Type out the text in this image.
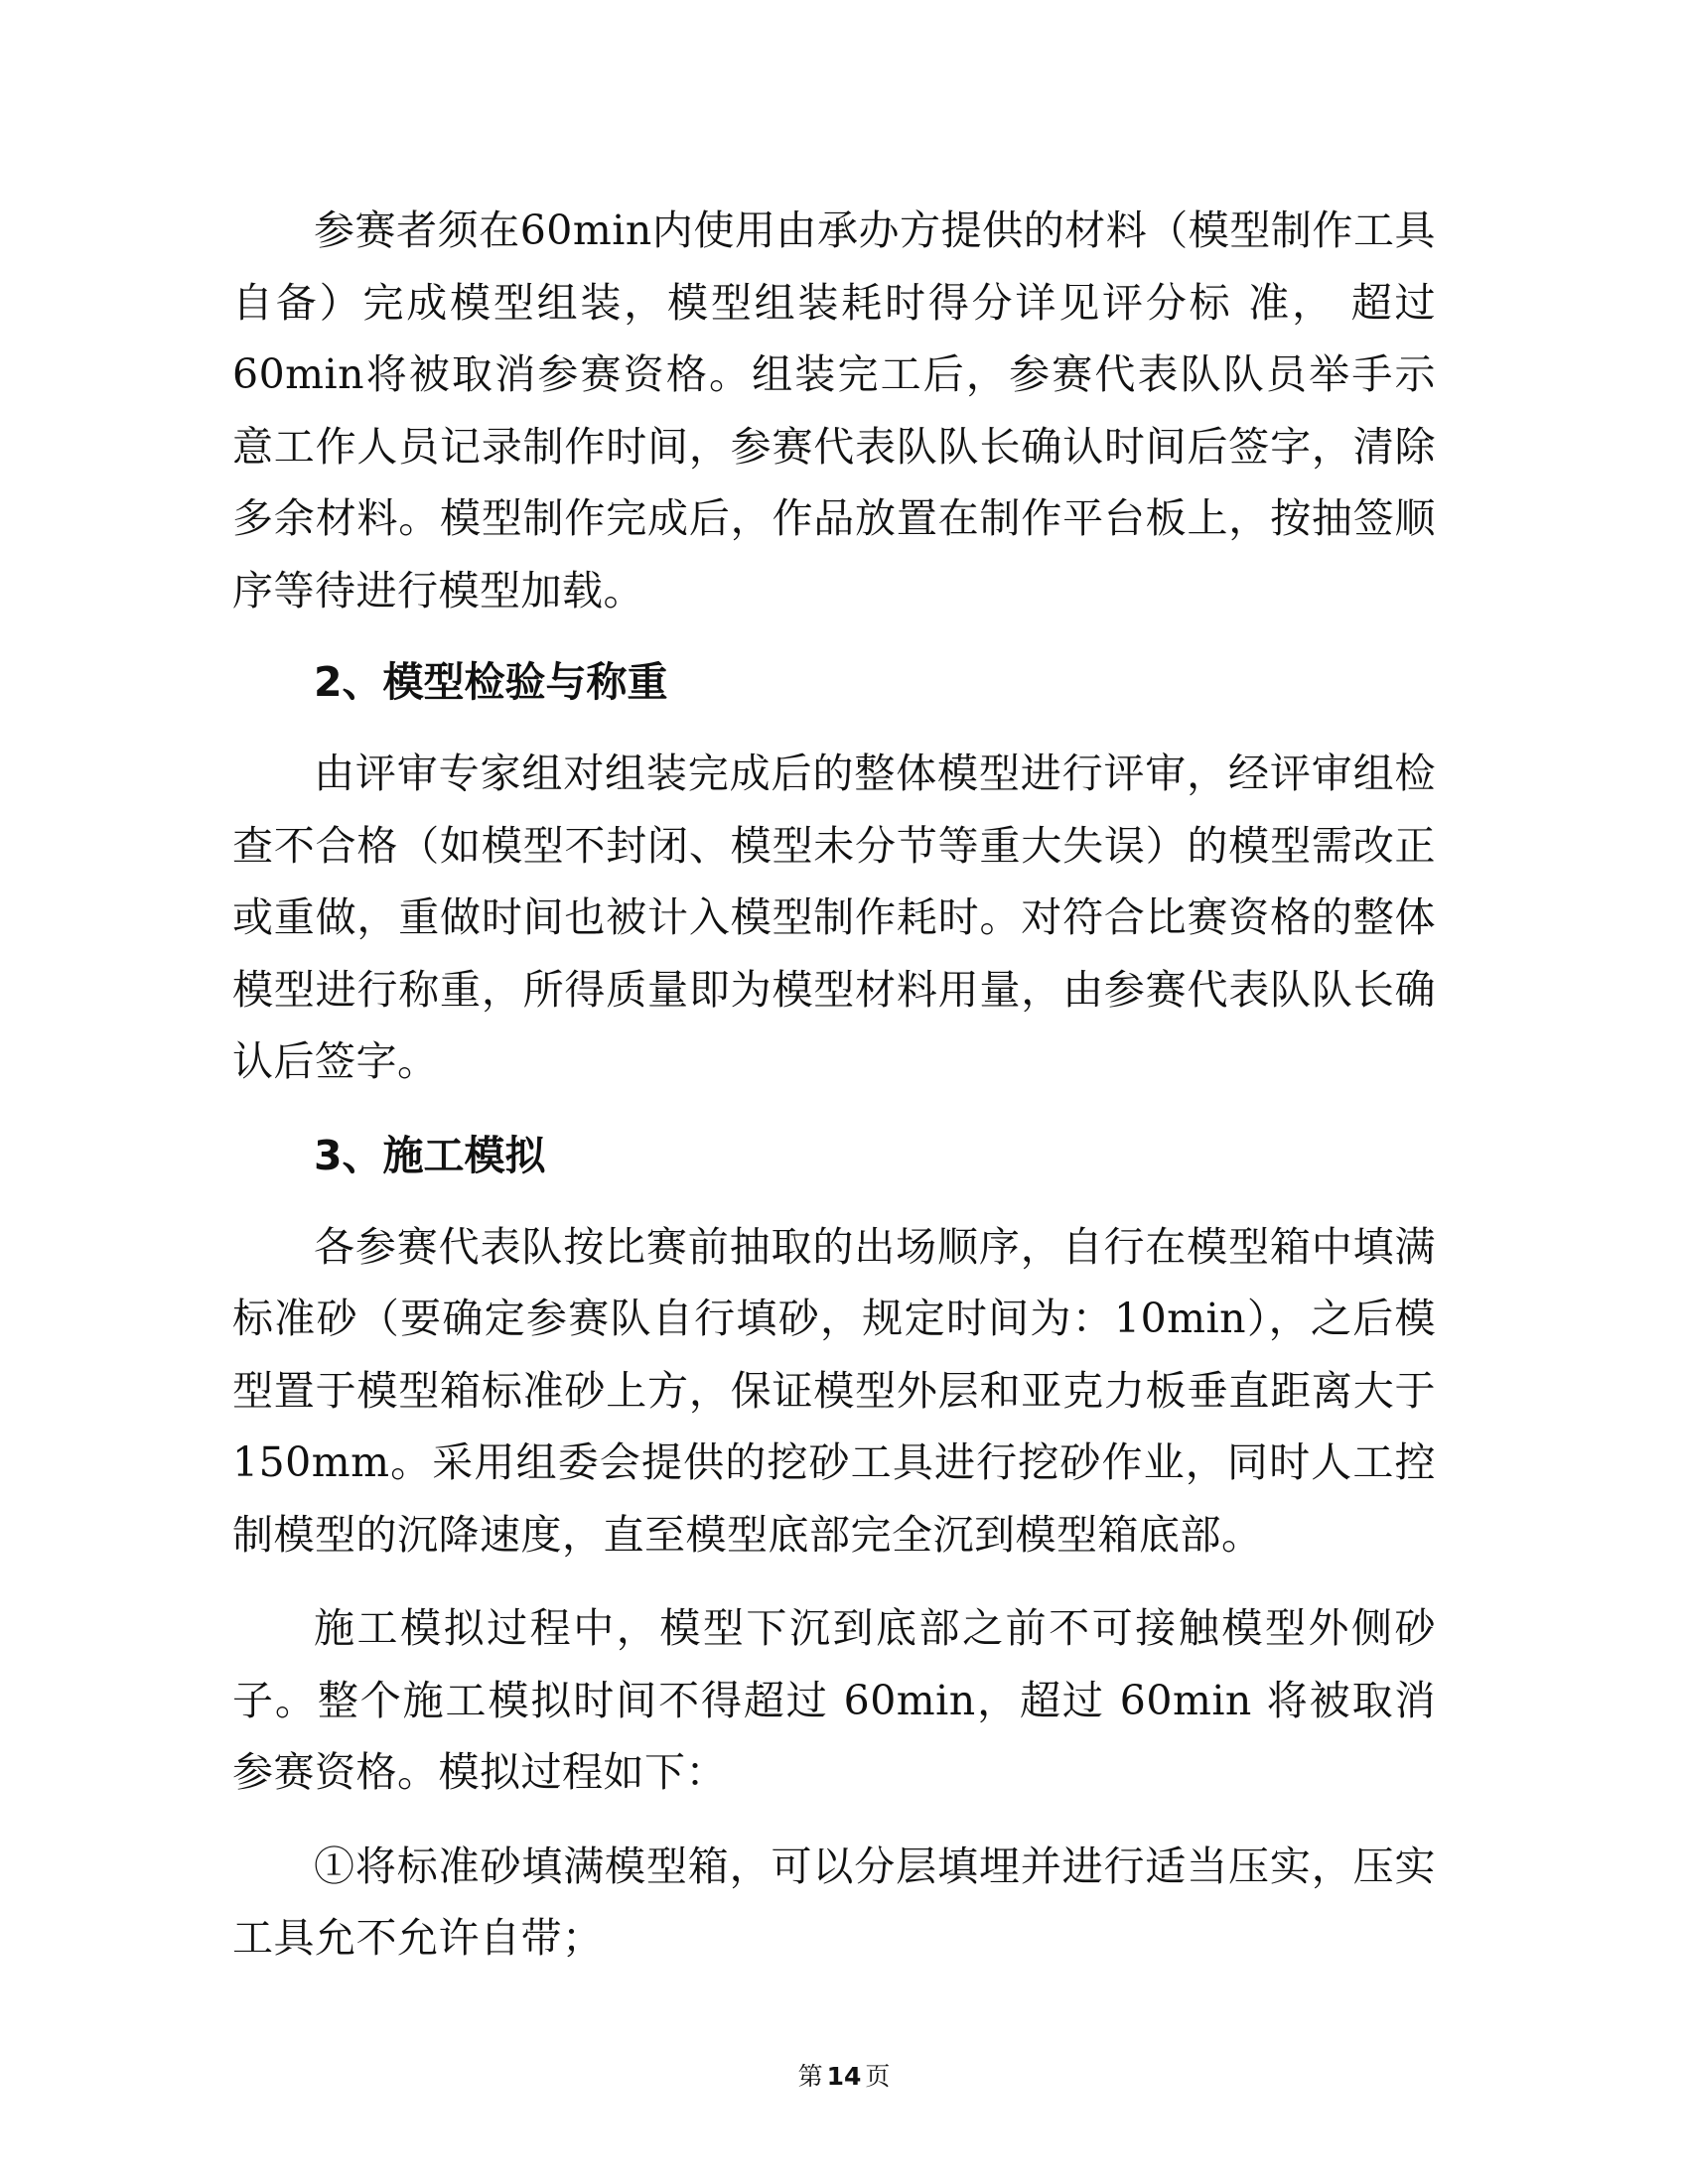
参赛者须在60min内使用由承办方提供的材料（模型制作工具自备）完成模型组装，模型组装耗时得分详见评分标 准， 超过60min将被取消参赛资格。组装完工后，参赛代表队队员举手示意工作人员记录制作时间，参赛代表队队长确认时间后签字，清除多余材料。模型制作完成后，作品放置在制作平台板上，按抽签顺序等待进行模型加载。

2、模型检验与称重

由评审专家组对组装完成后的整体模型进行评审，经评审组检查不合格（如模型不封闭、模型未分节等重大失误）的模型需改正或重做，重做时间也被计入模型制作耗时。对符合比赛资格的整体模型进行称重，所得质量即为模型材料用量，由参赛代表队队长确认后签字。

3、施工模拟

各参赛代表队按比赛前抽取的出场顺序，自行在模型箱中填满标准砂（要确定参赛队自行填砂，规定时间为：10min），之后模型置于模型箱标准砂上方，保证模型外层和亚克力板垂直距离大于150mm。采用组委会提供的挖砂工具进行挖砂作业，同时人工控制模型的沉降速度，直至模型底部完全沉到模型箱底部。

施工模拟过程中，模型下沉到底部之前不可接触模型外侧砂子。整个施工模拟时间不得超过 60min，超过 60min 将被取消参赛资格。模拟过程如下：

①将标准砂填满模型箱，可以分层填埋并进行适当压实，压实工具允不允许自带；

第 14 页
